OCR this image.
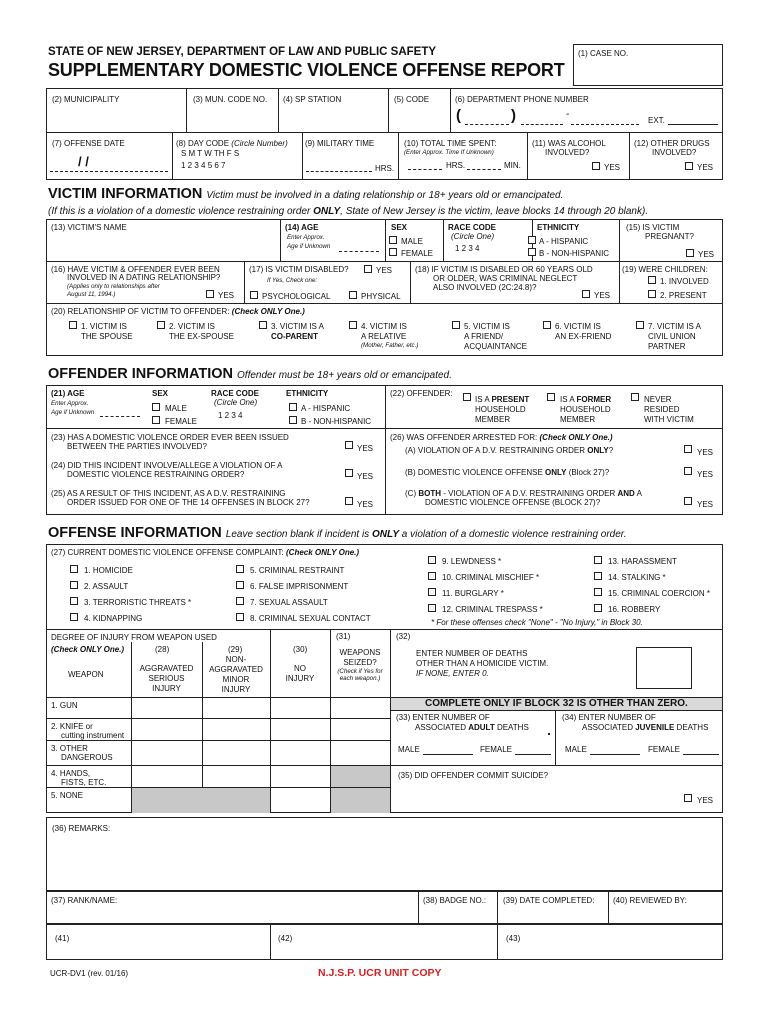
STATE OF NEW JERSEY, DEPARTMENT OF LAW AND PUBLIC SAFETY
SUPPLEMENTARY DOMESTIC VIOLENCE OFFENSE REPORT
(1) CASE NO.
(2) MUNICIPALITY	(3) MUN. CODE NO. (4) SP STATION	(5) CODE	(6) DEPARTMENT PHONE NUMBER
(	)	-
EXT.
(7) OFFENSE DATE
/ /
(8) DAY CODE (Circle Number)
S M T W TH F S
1 2 3 4 5 6 7
(9) MILITARY TIME
HRS.
(10) TOTAL TIME SPENT:
(Enter Approx. Time If Unknown)
HRS.	MIN.
(11) WAS ALCOHOL
INVOLVED?
YES
(12) OTHER DRUGS
INVOLVED?
YES
VICTIM INFORMATION Victim must be involved in a dating relationship or 18+ years old or emancipated.
(If this is a violation of a domestic violence restraining order ONLY, State of New Jersey is the victim, leave blocks 14 through 20 blank).
(13) VICTIM'S NAME	(14) AGE
Enter Approx.
Age if Unknown
SEX
MALE
FEMALE
RACE CODE
(Circle One)
1 2 3 4
ETHNICITY
A - HISPANIC
B - NON-HISPANIC
(15) IS VICTIM
PREGNANT?
YES
(16) HAVE VICTIM & OFFENDER EVER BEEN
INVOLVED IN A DATING RELATIONSHIP?
(Applies only to relationships after
August 11, 1994.)	YES
(17) IS VICTIM DISABLED?	YES
If Yes, Check one:
PSYCHOLOGICAL	PHYSICAL
(18) IF VICTIM IS DISABLED OR 60 YEARS OLD
OR OLDER, WAS CRIMINAL NEGLECT
ALSO INVOLVED (2C:24.8)?
YES
(19) WERE CHILDREN:
1. INVOLVED
2. PRESENT
(20) RELATIONSHIP OF VICTIM TO OFFENDER: (Check ONLY One.)
1. VICTIM IS
THE SPOUSE
2. VICTIM IS
THE EX-SPOUSE
3. VICTIM IS A
CO-PARENT
4. VICTIM IS
A RELATIVE
(Mother, Father, etc.)
5. VICTIM IS
A FRIEND/
ACQUAINTANCE
6. VICTIM IS
AN EX-FRIEND
7. VICTIM IS A
CIVIL UNION
PARTNER
OFFENDER INFORMATION Offender must be 18+ years old or emancipated.
(21) AGE
Enter Approx.
Age if Unknown
SEX
MALE
FEMALE
RACE CODE
(Circle One)
1 2 3 4
ETHNICITY
A - HISPANIC
B - NON-HISPANIC
(22) OFFENDER:
IS A PRESENT
HOUSEHOLD
MEMBER
IS A FORMER
HOUSEHOLD
MEMBER
NEVER
RESIDED
WITH VICTIM
(23) HAS A DOMESTIC VIOLENCE ORDER EVER BEEN ISSUED
BETWEEN THE PARTIES INVOLVED?	YES
(24) DID THIS INCIDENT INVOLVE/ALLEGE A VIOLATION OF A
DOMESTIC VIOLENCE RESTRAINING ORDER?	YES
(25) AS A RESULT OF THIS INCIDENT, AS A D.V. RESTRAINING
ORDER ISSUED FOR ONE OF THE 14 OFFENSES IN BLOCK 27?	YES
(26) WAS OFFENDER ARRESTED FOR: (Check ONLY One.)
(A) VIOLATION OF A D.V. RESTRAINING ORDER ONLY?	YES
(B) DOMESTIC VIOLENCE OFFENSE ONLY (Block 27)?	YES
(C) BOTH - VIOLATION OF A D.V. RESTRAINING ORDER AND A
DOMESTIC VIOLENCE OFFENSE (BLOCK 27)?	YES
OFFENSE INFORMATION Leave section blank if incident is ONLY a violation of a domestic violence restraining order.
(27) CURRENT DOMESTIC VIOLENCE OFFENSE COMPLAINT: (Check ONLY One.)
1. HOMICIDE
2. ASSAULT
3. TERRORISTIC THREATS *
4. KIDNAPPING
5. CRIMINAL RESTRAINT
6. FALSE IMPRISONMENT
7. SEXUAL ASSAULT
8. CRIMINAL SEXUAL CONTACT
9. LEWDNESS *
10. CRIMINAL MISCHIEF *
11. BURGLARY *
12. CRIMINAL TRESPASS *
13. HARASSMENT
14. STALKING *
15. CRIMINAL COERCION *
16. ROBBERY
* For these offenses check "None" - "No Injury," in Block 30.
DEGREE OF INJURY FROM WEAPON USED
(Check ONLY One.)	(28)	(29)	(30)
(31)	(32)
WEAPON
AGGRAVATED
SERIOUS
INJURY
NON-
AGGRAVATED
MINOR
INJURY
NO
INJURY
WEAPONS
SEIZED?
(Check if Yes for
each weapon.)
ENTER NUMBER OF DEATHS
OTHER THAN A HOMICIDE VICTIM.
IF NONE, ENTER 0.
1. GUN
2. KNIFE or
cutting instrument
3. OTHER
DANGEROUS
4. HANDS,
FISTS, ETC.
5. NONE
COMPLETE ONLY IF BLOCK 32 IS OTHER THAN ZERO.
(33) ENTER NUMBER OF
ASSOCIATED ADULT DEATHS
(34) ENTER NUMBER OF
ASSOCIATED JUVENILE DEATHS
MALE	FEMALE	MALE	FEMALE
(35) DID OFFENDER COMMIT SUICIDE?
YES
(36) REMARKS:
(37) RANK/NAME:	(38) BADGE NO.: (39) DATE COMPLETED: (40) REVIEWED BY:
(41)	(42)	(43)
UCR-DV1 (rev. 01/16)	N.J.S.P. UCR UNIT COPY
